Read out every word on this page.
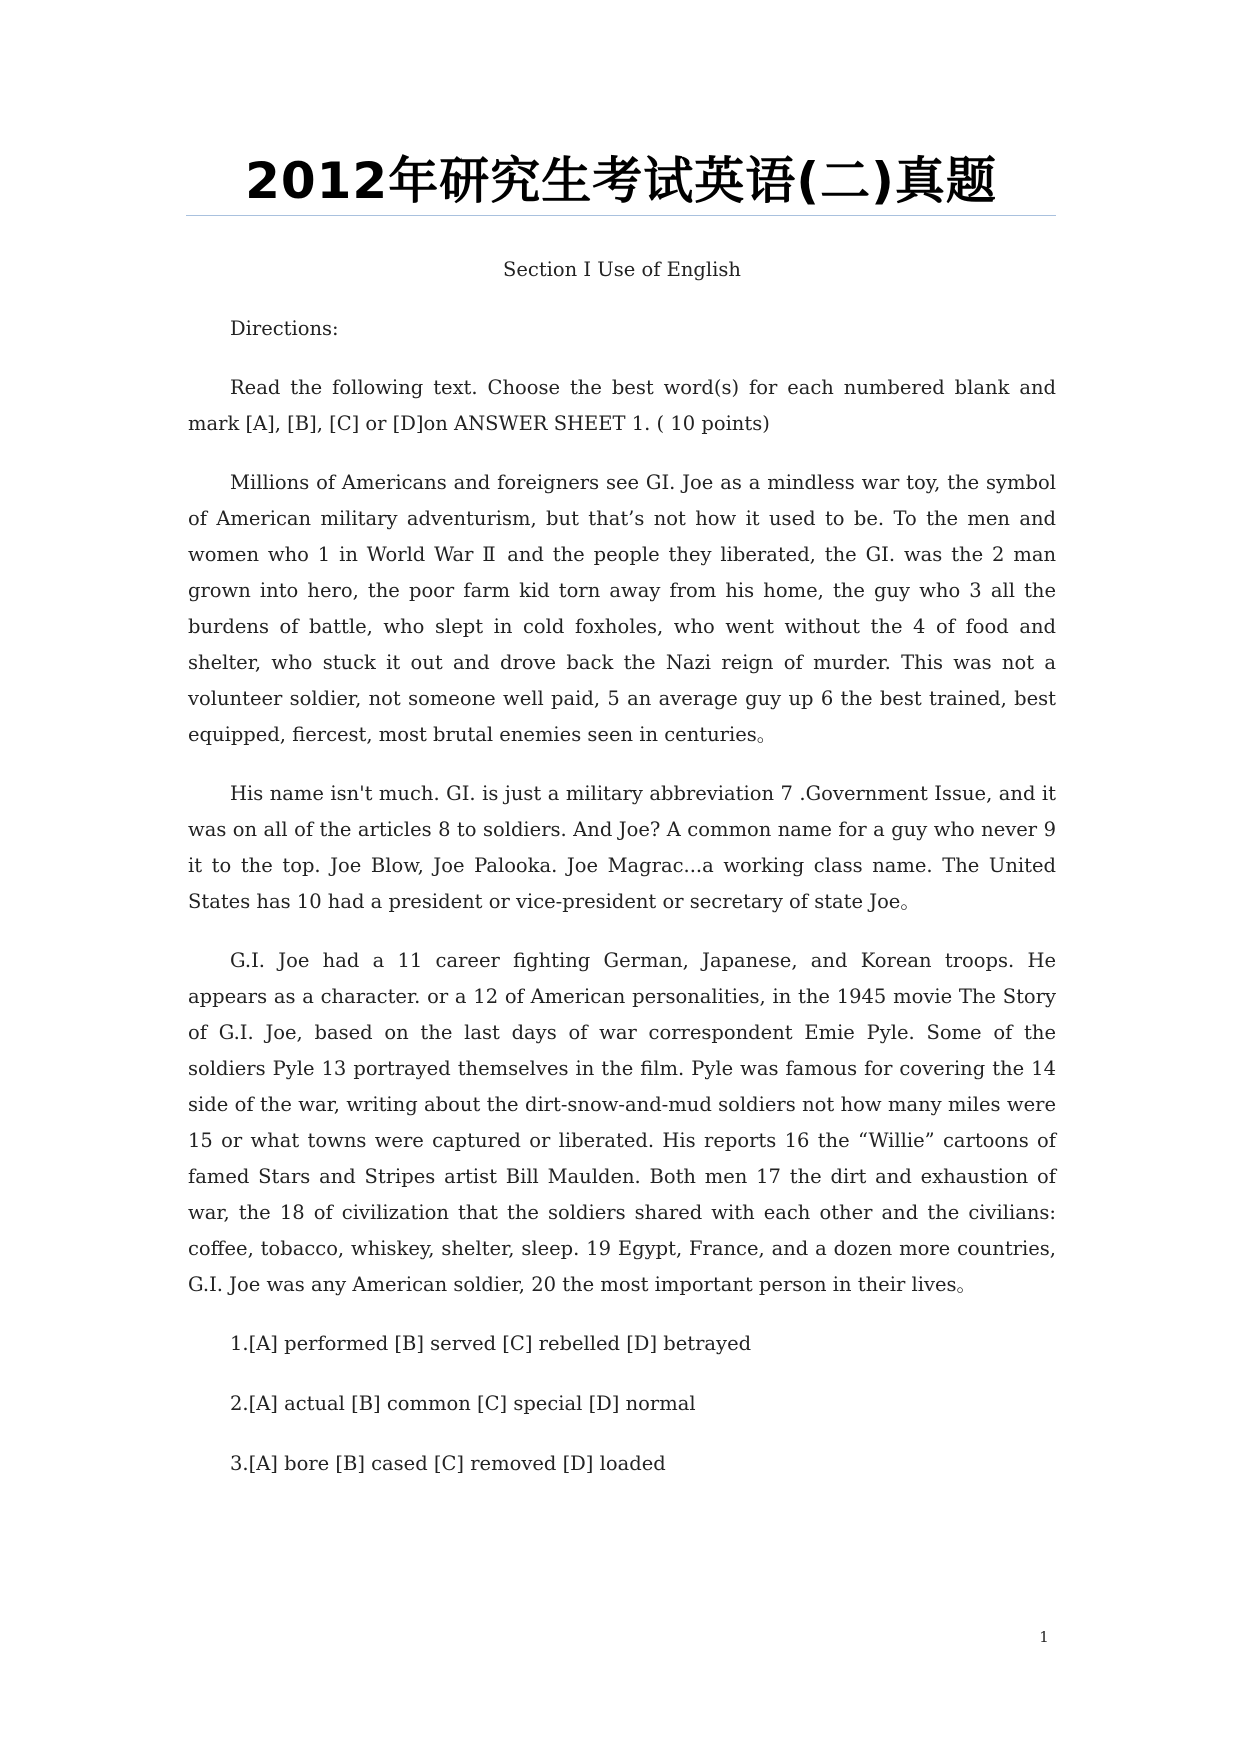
2012年研究生考试英语(二)真题

Section Ⅰ Use of English

Directions:

Read the following text. Choose the best word(s) for each numbered blank and mark [A], [B], [C] or [D]on ANSWER SHEET 1. ( 10 points)

Millions of Americans and foreigners see GI. Joe as a mindless war toy, the symbol of American military adventurism, but that’s not how it used to be. To the men and women who 1 in World War Ⅱ and the people they liberated, the GI. was the 2 man grown into hero, the poor farm kid torn away from his home, the guy who 3 all the burdens of battle, who slept in cold foxholes, who went without the 4 of food and shelter, who stuck it out and drove back the Nazi reign of murder. This was not a volunteer soldier, not someone well paid, 5 an average guy up 6 the best trained, best equipped, fiercest, most brutal enemies seen in centuries。

His name isn't much. GI. is just a military abbreviation 7 .Government Issue, and it was on all of the articles 8 to soldiers. And Joe? A common name for a guy who never 9 it to the top. Joe Blow, Joe Palooka. Joe Magrac...a working class name. The United States has 10 had a president or vice-president or secretary of state Joe。

G.I. Joe had a 11 career fighting German, Japanese, and Korean troops. He appears as a character. or a 12 of American personalities, in the 1945 movie The Story of G.I. Joe, based on the last days of war correspondent Emie Pyle. Some of the soldiers Pyle 13 portrayed themselves in the film. Pyle was famous for covering the 14 side of the war, writing about the dirt-snow-and-mud soldiers not how many miles were 15 or what towns were captured or liberated. His reports 16 the “Willie” cartoons of famed Stars and Stripes artist Bill Maulden. Both men 17 the dirt and exhaustion of war, the 18 of civilization that the soldiers shared with each other and the civilians: coffee, tobacco, whiskey, shelter, sleep. 19 Egypt, France, and a dozen more countries, G.I. Joe was any American soldier, 20 the most important person in their lives。

1.[A] performed [B] served [C] rebelled [D] betrayed

2.[A] actual [B] common [C] special [D] normal

3.[A] bore [B] cased [C] removed [D] loaded

1
